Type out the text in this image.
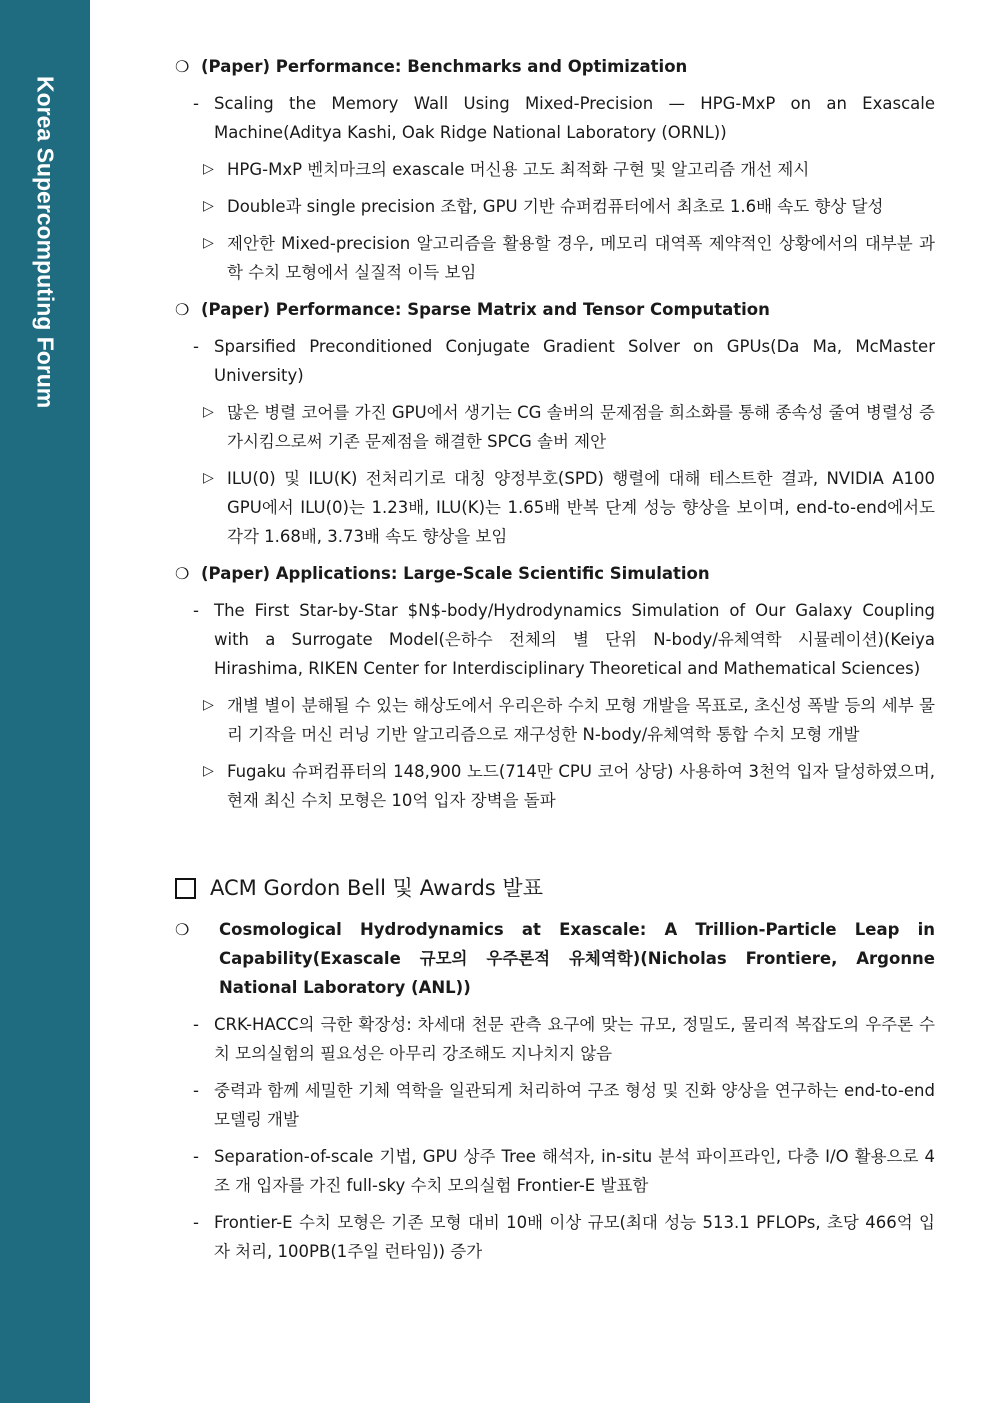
Korea Supercomputing Forum
❍ (Paper) Performance: Benchmarks and Optimization
- Scaling the Memory Wall Using Mixed-Precision — HPG-MxP on an Exascale Machine(Aditya Kashi, Oak Ridge National Laboratory (ORNL))
▷ HPG-MxP 벤치마크의 exascale 머신용 고도 최적화 구현 및 알고리즘 개선 제시
▷ Double과 single precision 조합, GPU 기반 슈퍼컴퓨터에서 최초로 1.6배 속도 향상 달성
▷ 제안한 Mixed-precision 알고리즘을 활용할 경우, 메모리 대역폭 제약적인 상황에서의 대부분 과학 수치 모형에서 실질적 이득 보임
❍ (Paper) Performance: Sparse Matrix and Tensor Computation
- Sparsified Preconditioned Conjugate Gradient Solver on GPUs(Da Ma, McMaster University)
▷ 많은 병렬 코어를 가진 GPU에서 생기는 CG 솔버의 문제점을 희소화를 통해 종속성 줄여 병렬성 증가시킴으로써 기존 문제점을 해결한 SPCG 솔버 제안
▷ ILU(0) 및 ILU(K) 전처리기로 대칭 양정부호(SPD) 행렬에 대해 테스트한 결과, NVIDIA A100 GPU에서 ILU(0)는 1.23배, ILU(K)는 1.65배 반복 단계 성능 향상을 보이며, end-to-end에서도 각각 1.68배, 3.73배 속도 향상을 보임
❍ (Paper) Applications: Large-Scale Scientific Simulation
- The First Star-by-Star $N$-body/Hydrodynamics Simulation of Our Galaxy Coupling with a Surrogate Model(은하수 전체의 별 단위 N-body/유체역학 시뮬레이션)(Keiya Hirashima, RIKEN Center for Interdisciplinary Theoretical and Mathematical Sciences)
▷ 개별 별이 분해될 수 있는 해상도에서 우리은하 수치 모형 개발을 목표로, 초신성 폭발 등의 세부 물리 기작을 머신 러닝 기반 알고리즘으로 재구성한 N-body/유체역학 통합 수치 모형 개발
▷ Fugaku 슈퍼컴퓨터의 148,900 노드(714만 CPU 코어 상당) 사용하여 3천억 입자 달성하였으며, 현재 최신 수치 모형은 10억 입자 장벽을 돌파
ACM Gordon Bell 및 Awards 발표
❍	Cosmological Hydrodynamics at Exascale: A Trillion-Particle Leap in Capability(Exascale 규모의 우주론적 유체역학)(Nicholas Frontiere, Argonne National Laboratory (ANL))
- CRK-HACC의 극한 확장성: 차세대 천문 관측 요구에 맞는 규모, 정밀도, 물리적 복잡도의 우주론 수치 모의실험의 필요성은 아무리 강조해도 지나치지 않음
- 중력과 함께 세밀한 기체 역학을 일관되게 처리하여 구조 형성 및 진화 양상을 연구하는 end-to-end 모델링 개발
- Separation-of-scale 기법, GPU 상주 Tree 해석자, in-situ 분석 파이프라인, 다층 I/O 활용으로 4조 개 입자를 가진 full-sky 수치 모의실험 Frontier-E 발표함
- Frontier-E 수치 모형은 기존 모형 대비 10배 이상 규모(최대 성능 513.1 PFLOPs, 초당 466억 입자 처리, 100PB(1주일 런타임)) 증가
